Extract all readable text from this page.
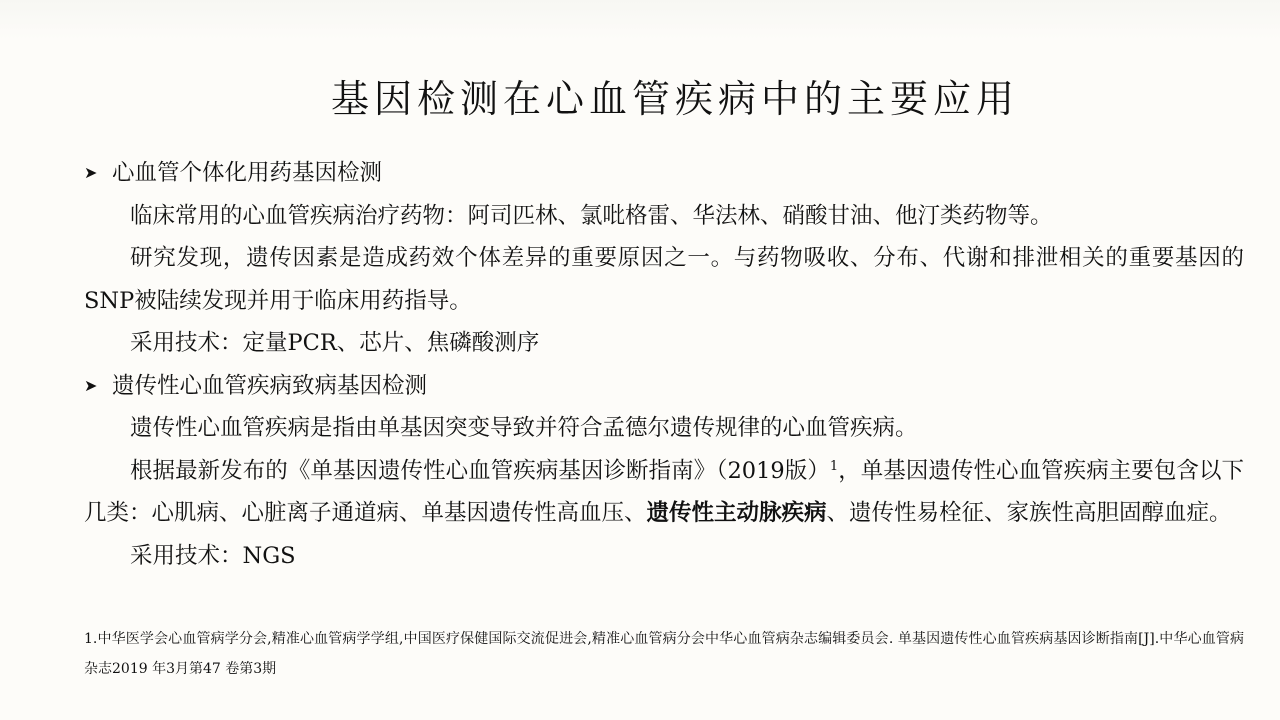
基因检测在心血管疾病中的主要应用
➤ 心血管个体化用药基因检测

临床常用的心血管疾病治疗药物：阿司匹林、氯吡格雷、华法林、硝酸甘油、他汀类药物等。

研究发现，遗传因素是造成药效个体差异的重要原因之一。与药物吸收、分布、代谢和排泄相关的重要基因的SNP被陆续发现并用于临床用药指导。

采用技术：定量PCR、芯片、焦磷酸测序

➤ 遗传性心血管疾病致病基因检测

遗传性心血管疾病是指由单基因突变导致并符合孟德尔遗传规律的心血管疾病。

根据最新发布的《单基因遗传性心血管疾病基因诊断指南》（2019版）$^1$，单基因遗传性心血管疾病主要包含以下几类：心肌病、心脏离子通道病、单基因遗传性高血压、遗传性主动脉疾病、遗传性易栓征、家族性高胆固醇血症。

采用技术：NGS

1.中华医学会心血管病学分会,精准心血管病学学组,中国医疗保健国际交流促进会,精准心血管病分会中华心血管病杂志编辑委员会. 单基因遗传性心血管疾病基因诊断指南[J].中华心血管病杂志2019 年3月第47 卷第3期
